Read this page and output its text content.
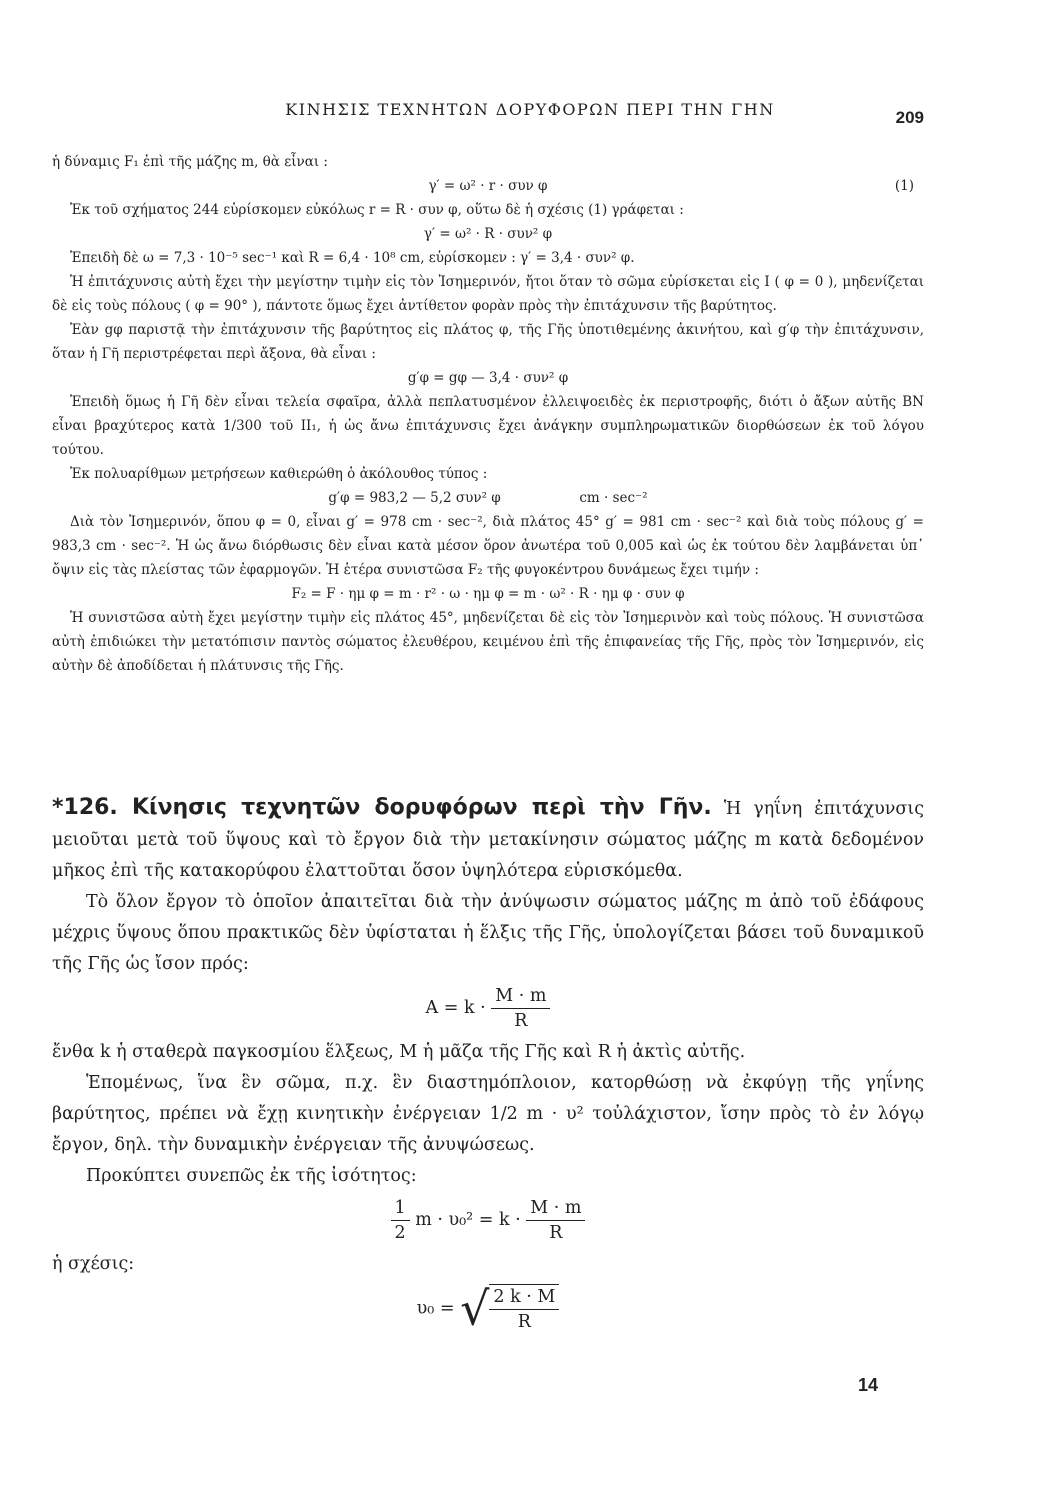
ΚΙΝΗΣΙΣ ΤΕΧΝΗΤΩΝ ΔΟΡΥΦΟΡΩΝ ΠΕΡΙ ΤΗΝ ΓΗΝ	209

ἡ δύναμις F₁ ἐπὶ τῆς μάζης m, θὰ εἶναι :

γ′ = ω² · r · συν φ	(1)

Ἐκ τοῦ σχήματος 244 εὑρίσκομεν εὐκόλως r = R · συν φ, οὕτω δὲ ἡ σχέσις (1) γράφεται :

γ′ = ω² · R · συν² φ

Ἐπειδὴ δὲ ω = 7,3 · 10⁻⁵ sec⁻¹ καὶ R = 6,4 · 10⁸ cm, εὑρίσκομεν : γ′ = 3,4 · συν² φ.

Ἡ ἐπιτάχυνσις αὐτὴ ἔχει τὴν μεγίστην τιμὴν εἰς τὸν Ἰσημερινόν, ἤτοι ὅταν τὸ σῶμα εὑρίσκεται εἰς Ι ( φ = 0 ), μηδενίζεται δὲ εἰς τοὺς πόλους ( φ = 90° ), πάντοτε ὅμως ἔχει ἀντίθετον φορὰν πρὸς τὴν ἐπιτάχυνσιν τῆς βαρύτητος.

Ἐὰν gφ παριστᾷ τὴν ἐπιτάχυνσιν τῆς βαρύτητος εἰς πλάτος φ, τῆς Γῆς ὑποτιθεμένης ἀκινήτου, καὶ g′φ τὴν ἐπιτάχυνσιν, ὅταν ἡ Γῆ περιστρέφεται περὶ ἄξονα, θὰ εἶναι :

g′φ = gφ — 3,4 · συν² φ

Ἐπειδὴ ὅμως ἡ Γῆ δὲν εἶναι τελεία σφαῖρα, ἀλλὰ πεπλατυσμένον ἐλλειψοειδὲς ἐκ περιστροφῆς, διότι ὁ ἄξων αὐτῆς ΒΝ εἶναι βραχύτερος κατὰ 1/300 τοῦ ΙΙ₁, ἡ ὡς ἄνω ἐπιτάχυνσις ἔχει ἀνάγκην συμπληρωματικῶν διορθώσεων ἐκ τοῦ λόγου τούτου.

Ἐκ πολυαρίθμων μετρήσεων καθιερώθη ὁ ἀκόλουθος τύπος :

g′φ = 983,2 — 5,2 συν² φ	cm · sec⁻²

Διὰ τὸν Ἰσημερινόν, ὅπου φ = 0, εἶναι g′ = 978 cm · sec⁻², διὰ πλάτος 45° g′ = 981 cm · sec⁻² καὶ διὰ τοὺς πόλους g′ = 983,3 cm · sec⁻². Ἡ ὡς ἄνω διόρθωσις δὲν εἶναι κατὰ μέσον ὅρον ἀνωτέρα τοῦ 0,005 καὶ ὡς ἐκ τούτου δὲν λαμβάνεται ὑπ᾽ ὄψιν εἰς τὰς πλείστας τῶν ἐφαρμογῶν. Ἡ ἑτέρα συνιστῶσα F₂ τῆς φυγοκέντρου δυνάμεως ἔχει τιμήν :

F₂ = F · ημ φ = m · r² · ω · ημ φ = m · ω² · R · ημ φ · συν φ

Ἡ συνιστῶσα αὐτὴ ἔχει μεγίστην τιμὴν εἰς πλάτος 45°, μηδενίζεται δὲ εἰς τὸν Ἰσημερινὸν καὶ τοὺς πόλους. Ἡ συνιστῶσα αὐτὴ ἐπιδιώκει τὴν μετατόπισιν παντὸς σώματος ἐλευθέρου, κειμένου ἐπὶ τῆς ἐπιφανείας τῆς Γῆς, πρὸς τὸν Ἰσημερινόν, εἰς αὐτὴν δὲ ἀποδίδεται ἡ πλάτυνσις τῆς Γῆς.

*126. Κίνησις τεχνητῶν δορυφόρων περὶ τὴν Γῆν. Ἡ γηΐνη ἐπιτάχυνσις μειοῦται μετὰ τοῦ ὕψους καὶ τὸ ἔργον διὰ τὴν μετακίνησιν σώματος μάζης m κατὰ δεδομένον μῆκος ἐπὶ τῆς κατακορύφου ἐλαττοῦται ὅσον ὑψηλότερα εὑρισκόμεθα.

Τὸ ὅλον ἔργον τὸ ὁποῖον ἀπαιτεῖται διὰ τὴν ἀνύψωσιν σώματος μάζης m ἀπὸ τοῦ ἐδάφους μέχρις ὕψους ὅπου πρακτικῶς δὲν ὑφίσταται ἡ ἕλξις τῆς Γῆς, ὑπολογίζεται βάσει τοῦ δυναμικοῦ τῆς Γῆς ὡς ἴσον πρός:

$A = k \cdot \frac{M \cdot m}{R}$

ἔνθα k ἡ σταθερὰ παγκοσμίου ἕλξεως, Μ ἡ μᾶζα τῆς Γῆς καὶ R ἡ ἀκτὶς αὐτῆς.

Ἑπομένως, ἵνα ἓν σῶμα, π.χ. ἓν διαστημόπλοιον, κατορθώσῃ νὰ ἐκφύγῃ τῆς γηΐνης βαρύτητος, πρέπει νὰ ἔχῃ κινητικὴν ἐνέργειαν 1/2 m · υ² τοὐλάχιστον, ἴσην πρὸς τὸ ἐν λόγῳ ἔργον, δηλ. τὴν δυναμικὴν ἐνέργειαν τῆς ἀνυψώσεως.

Προκύπτει συνεπῶς ἐκ τῆς ἰσότητος:

$\frac{1}{2}$ $m \cdot \upsilon_0^2 = k \cdot \frac{M \cdot m}{R}$

ἡ σχέσις:

υ₀ = √ $\frac{2 k \cdot M}{R}$
14
